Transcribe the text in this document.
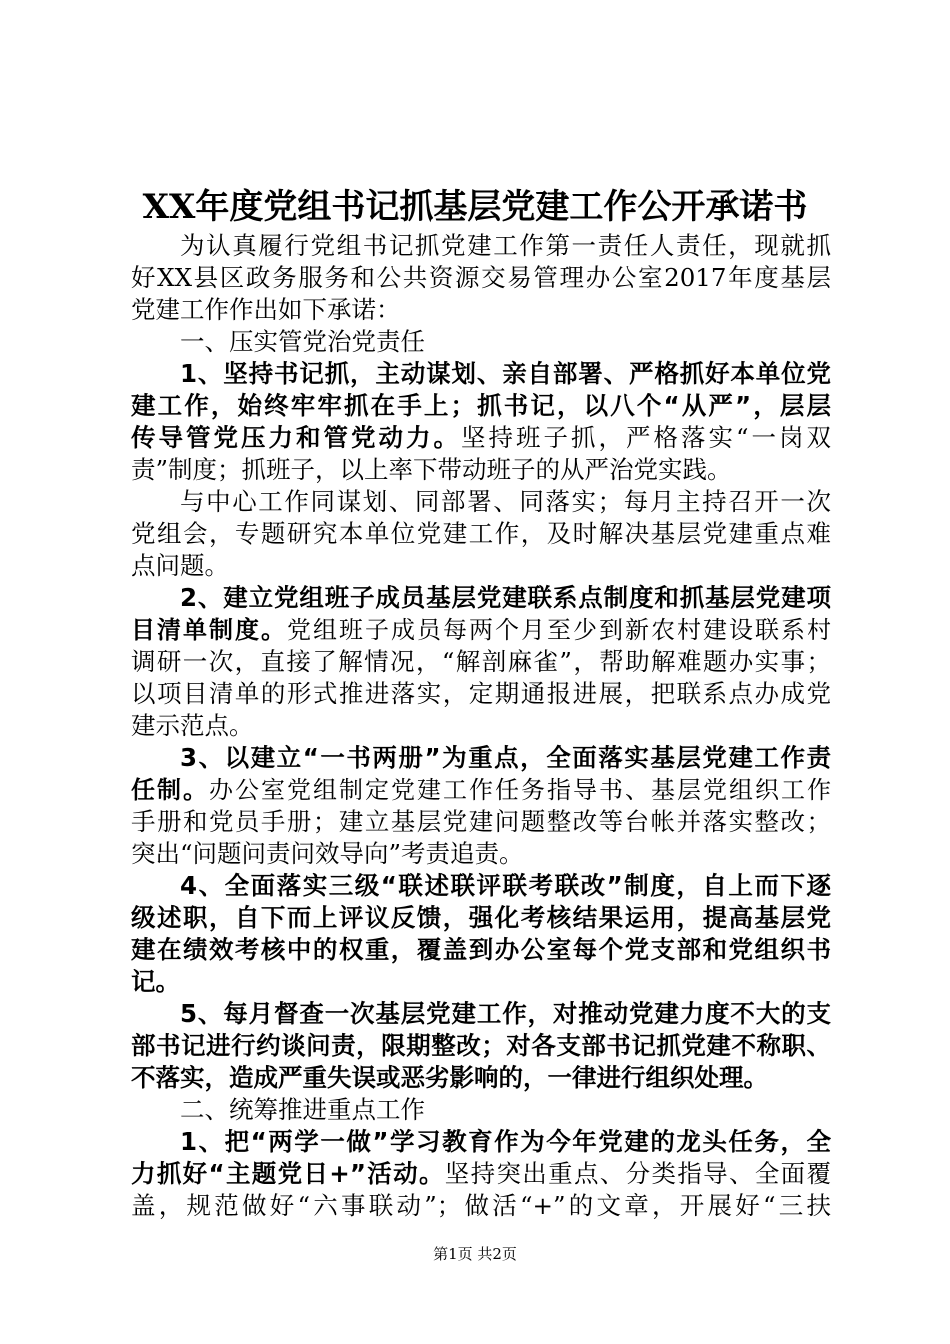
XX年度党组书记抓基层党建工作公开承诺书
为认真履行党组书记抓党建工作第一责任人责任，现就抓
好XX县区政务服务和公共资源交易管理办公室2017年度基层
党建工作作出如下承诺：
一、压实管党治党责任
1、坚持书记抓，主动谋划、亲自部署、严格抓好本单位党
建工作，始终牢牢抓在手上；抓书记，以八个“从严”，层层
传导管党压力和管党动力。坚持班子抓，严格落实“一岗双
责”制度；抓班子，以上率下带动班子的从严治党实践。
与中心工作同谋划、同部署、同落实；每月主持召开一次
党组会，专题研究本单位党建工作，及时解决基层党建重点难
点问题。
2、建立党组班子成员基层党建联系点制度和抓基层党建项
目清单制度。党组班子成员每两个月至少到新农村建设联系村
调研一次，直接了解情况，“解剖麻雀”，帮助解难题办实事；
以项目清单的形式推进落实，定期通报进展，把联系点办成党
建示范点。
3、以建立“一书两册”为重点，全面落实基层党建工作责
任制。办公室党组制定党建工作任务指导书、基层党组织工作
手册和党员手册；建立基层党建问题整改等台帐并落实整改；
突出“问题问责问效导向”考责追责。
4、全面落实三级“联述联评联考联改”制度，自上而下逐
级述职，自下而上评议反馈，强化考核结果运用，提高基层党
建在绩效考核中的权重，覆盖到办公室每个党支部和党组织书
记。
5、每月督查一次基层党建工作，对推动党建力度不大的支
部书记进行约谈问责，限期整改；对各支部书记抓党建不称职、
不落实，造成严重失误或恶劣影响的，一律进行组织处理。
二、统筹推进重点工作
1、把“两学一做”学习教育作为今年党建的龙头任务，全
力抓好“主题党日+”活动。坚持突出重点、分类指导、全面覆
盖，规范做好“六事联动”；做活“+”的文章，开展好“三扶
第1页 共2页
